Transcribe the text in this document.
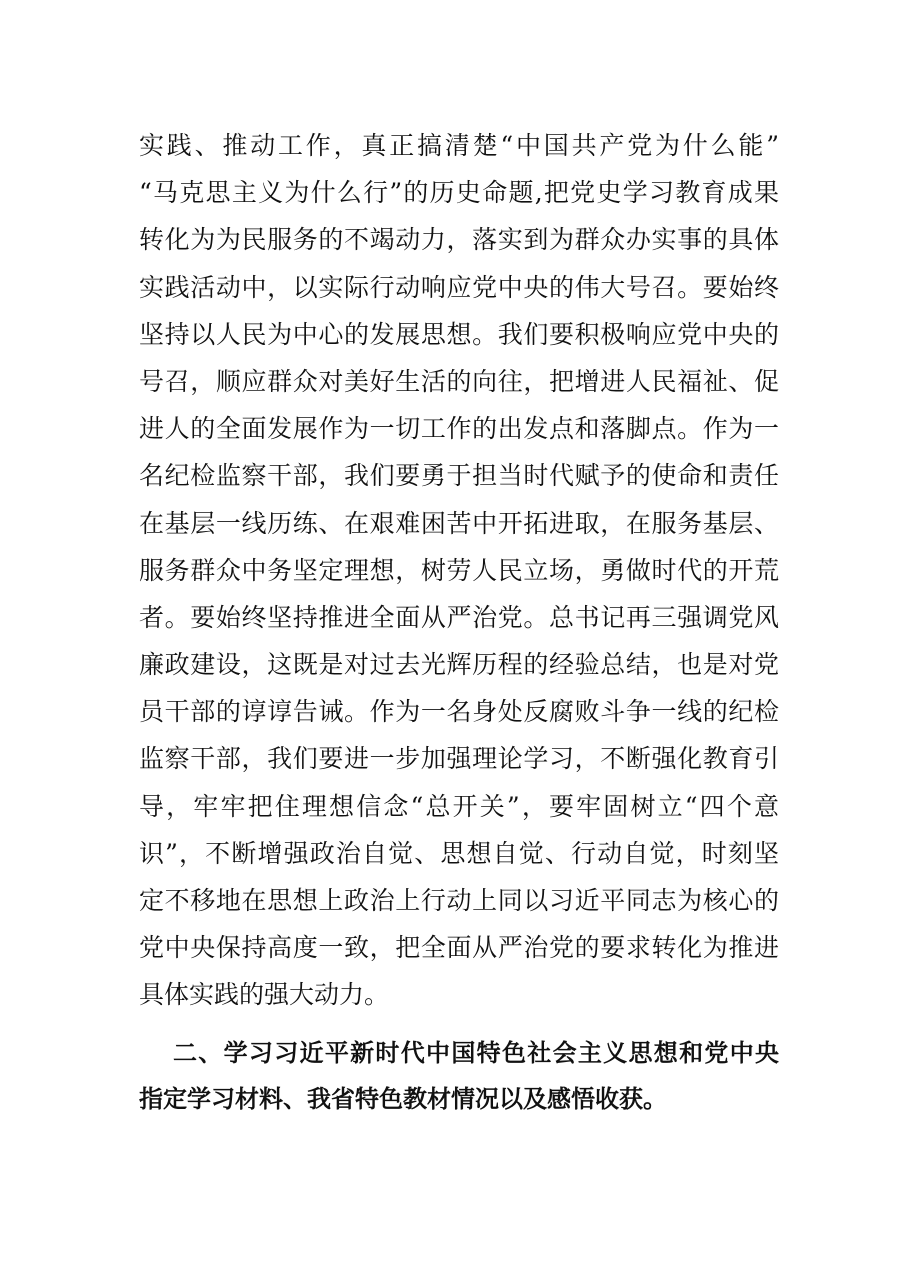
实践、推动工作，真正搞清楚“中国共产党为什么能”
“马克思主义为什么行”的历史命题,把党史学习教育成果
转化为为民服务的不竭动力，落实到为群众办实事的具体
实践活动中，以实际行动响应党中央的伟大号召。要始终
坚持以人民为中心的发展思想。我们要积极响应党中央的
号召，顺应群众对美好生活的向往，把增进人民福祉、促
进人的全面发展作为一切工作的出发点和落脚点。作为一
名纪检监察干部，我们要勇于担当时代赋予的使命和责任
在基层一线历练、在艰难困苦中开拓进取，在服务基层、
服务群众中务坚定理想，树劳人民立场，勇做时代的开荒
者。要始终坚持推进全面从严治党。总书记再三强调党风
廉政建设，这既是对过去光辉历程的经验总结，也是对党
员干部的谆谆告诫。作为一名身处反腐败斗争一线的纪检
监察干部，我们要进一步加强理论学习，不断强化教育引
导，牢牢把住理想信念“总开关”，要牢固树立“四个意
识”，不断增强政治自觉、思想自觉、行动自觉，时刻坚
定不移地在思想上政治上行动上同以习近平同志为核心的
党中央保持高度一致，把全面从严治党的要求转化为推进
具体实践的强大动力。
二、学习习近平新时代中国特色社会主义思想和党中央
指定学习材料、我省特色教材情况以及感悟收获。
